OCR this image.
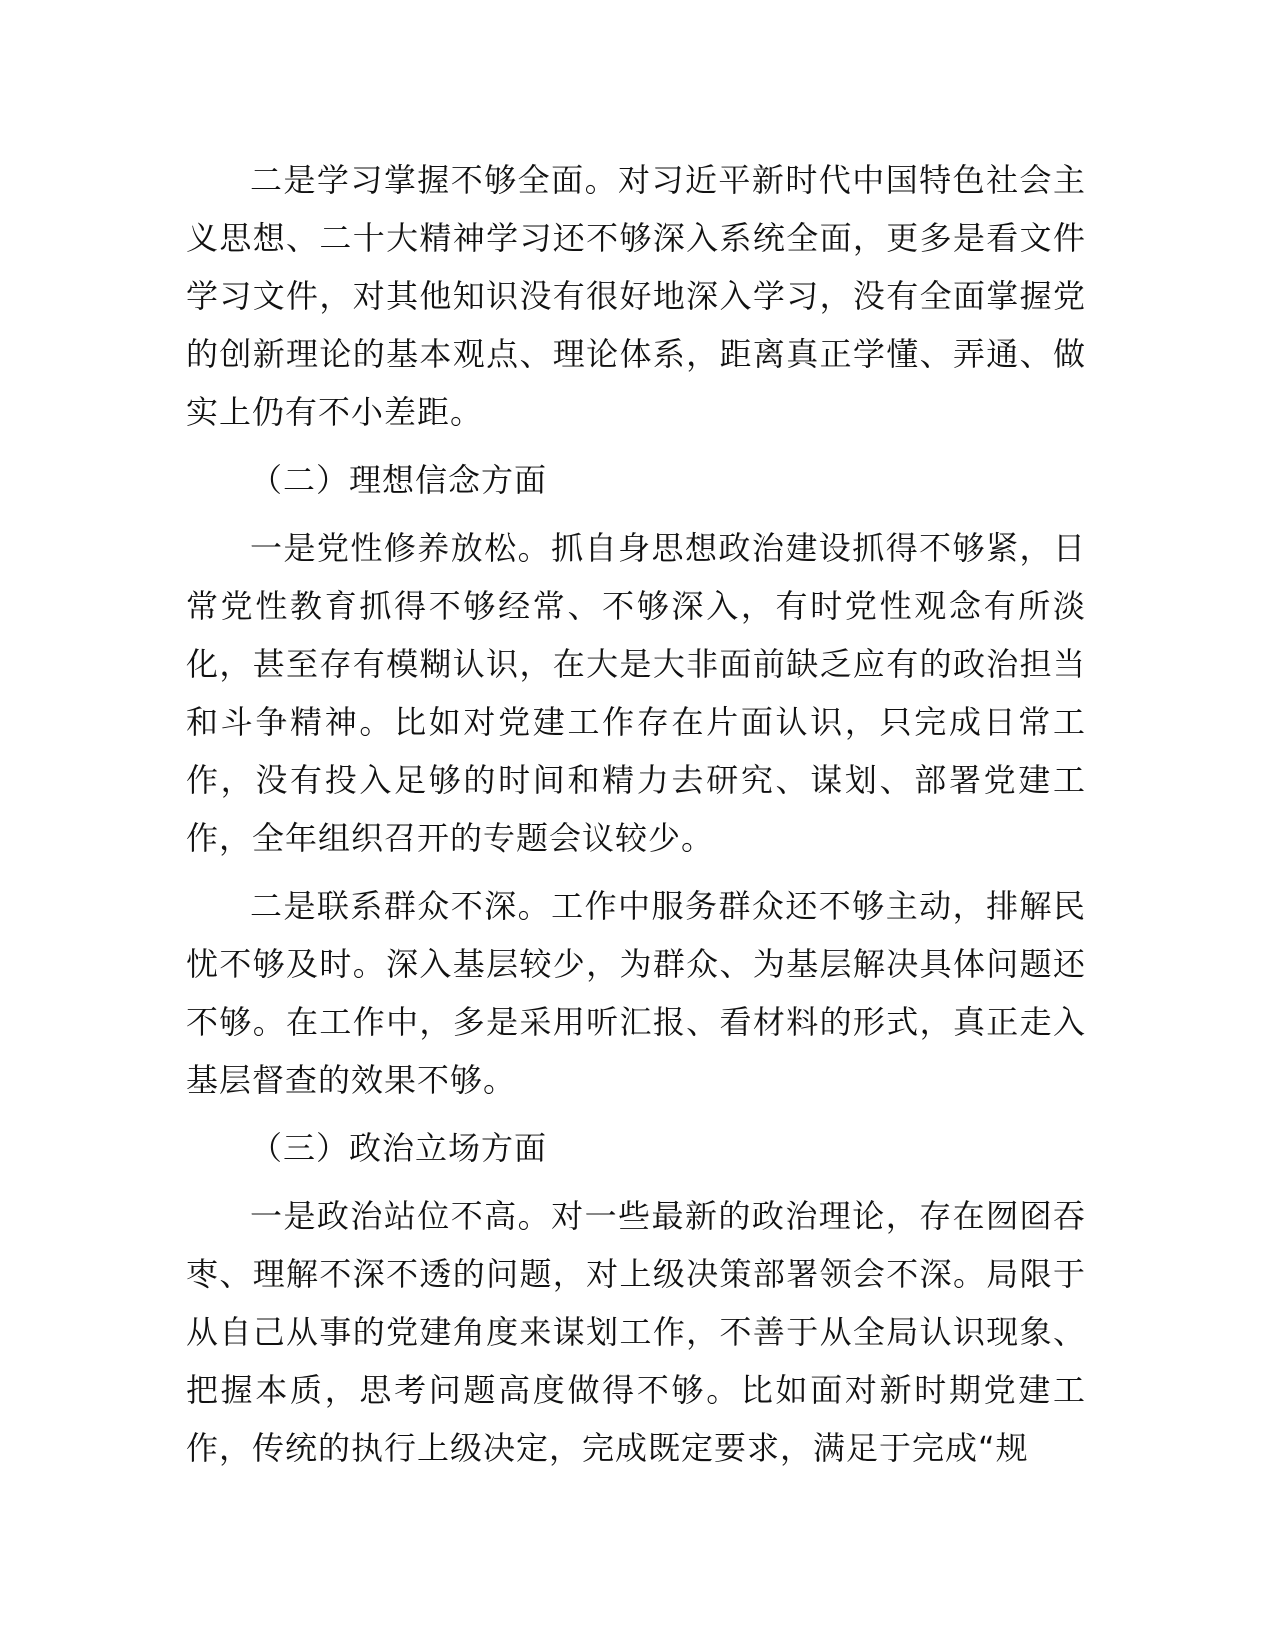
二是学习掌握不够全面。对习近平新时代中国特色社会主义思想、二十大精神学习还不够深入系统全面，更多是看文件学习文件，对其他知识没有很好地深入学习，没有全面掌握党的创新理论的基本观点、理论体系，距离真正学懂、弄通、做实上仍有不小差距。

（二）理想信念方面

一是党性修养放松。抓自身思想政治建设抓得不够紧，日常党性教育抓得不够经常、不够深入，有时党性观念有所淡化，甚至存有模糊认识，在大是大非面前缺乏应有的政治担当和斗争精神。比如对党建工作存在片面认识，只完成日常工作，没有投入足够的时间和精力去研究、谋划、部署党建工作，全年组织召开的专题会议较少。

二是联系群众不深。工作中服务群众还不够主动，排解民忧不够及时。深入基层较少，为群众、为基层解决具体问题还不够。在工作中，多是采用听汇报、看材料的形式，真正走入基层督查的效果不够。

（三）政治立场方面

一是政治站位不高。对一些最新的政治理论，存在囫囵吞枣、理解不深不透的问题，对上级决策部署领会不深。局限于从自己从事的党建角度来谋划工作，不善于从全局认识现象、把握本质，思考问题高度做得不够。比如面对新时期党建工作，传统的执行上级决定，完成既定要求，满足于完成“规
